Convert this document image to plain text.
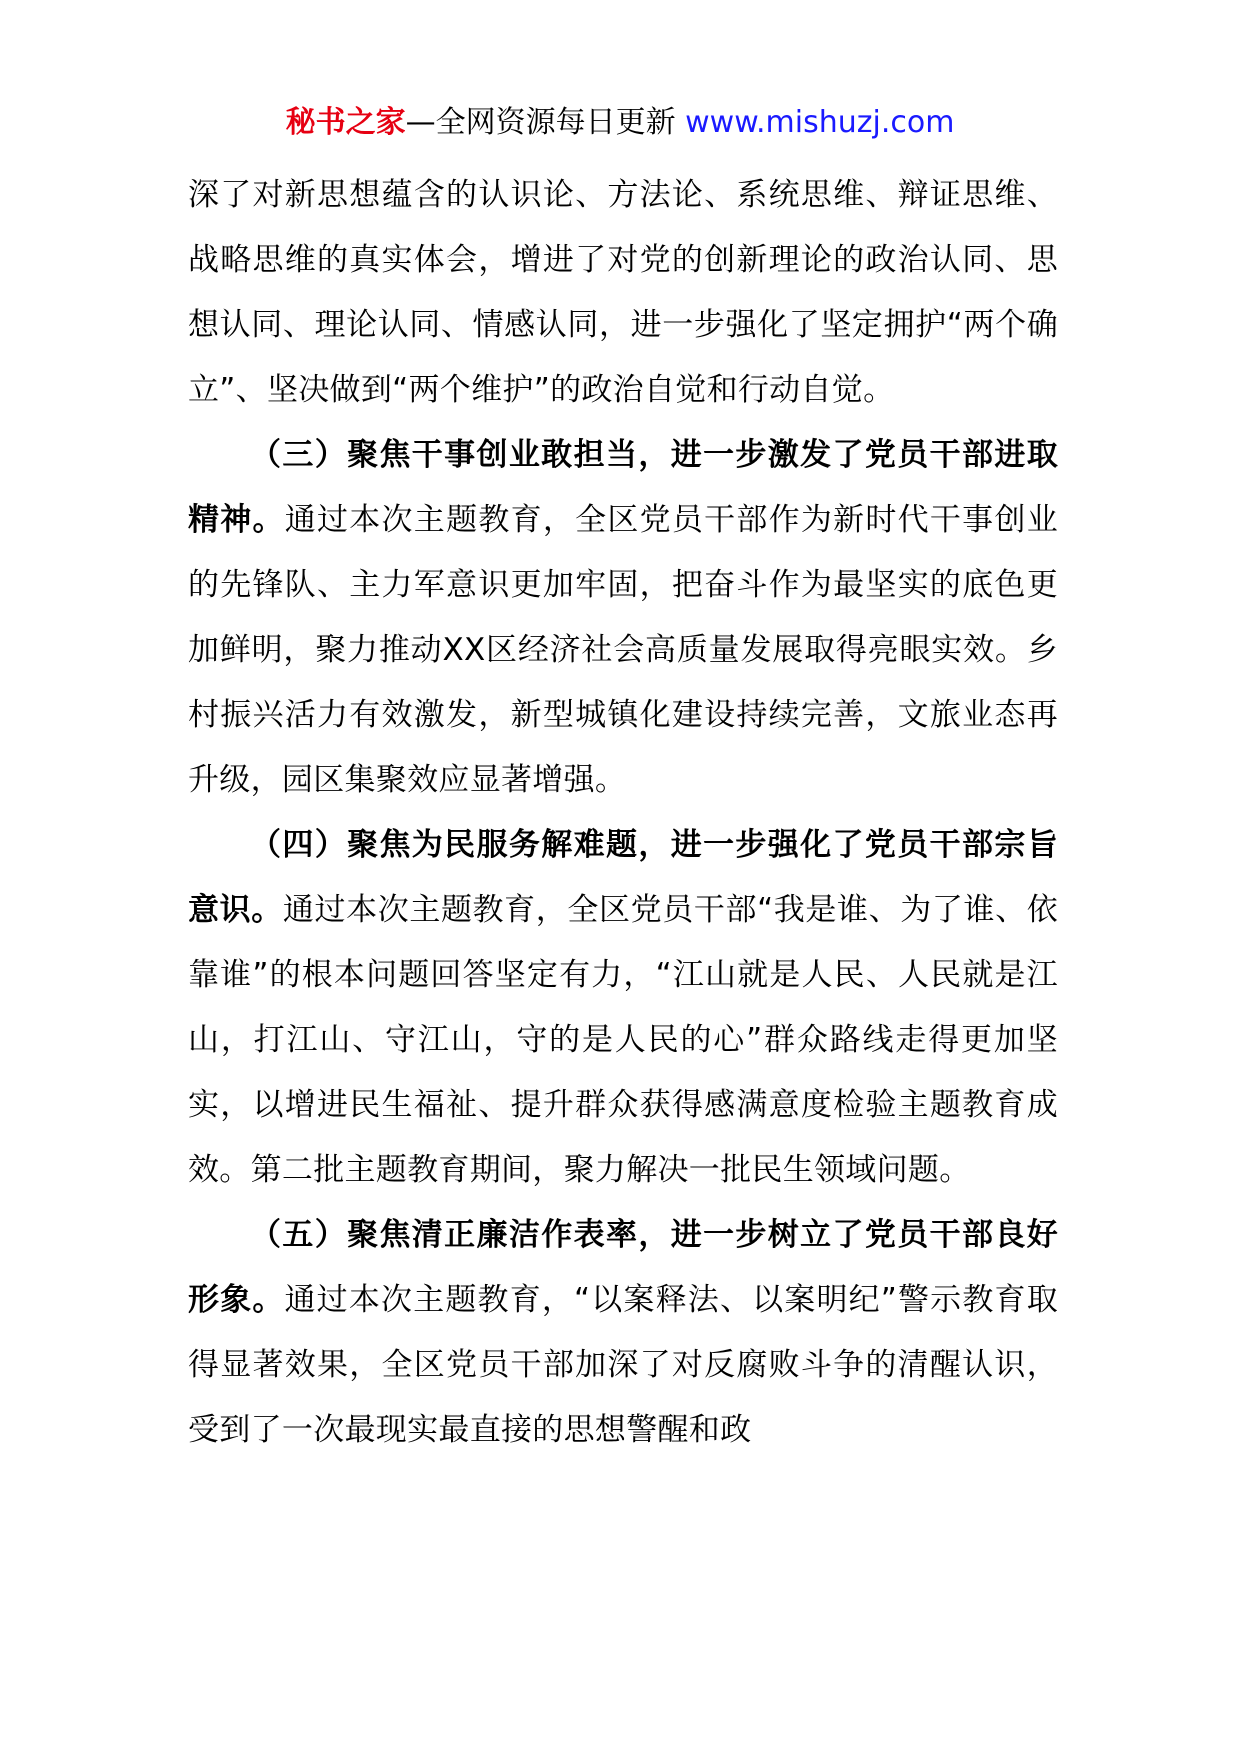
秘书之家—全网资源每日更新 www.mishuzj.com

深了对新思想蕴含的认识论、方法论、系统思维、辩证思维、战略思维的真实体会，增进了对党的创新理论的政治认同、思想认同、理论认同、情感认同，进一步强化了坚定拥护“两个确立”、坚决做到“两个维护”的政治自觉和行动自觉。

（三）聚焦干事创业敢担当，进一步激发了党员干部进取精神。通过本次主题教育，全区党员干部作为新时代干事创业的先锋队、主力军意识更加牢固，把奋斗作为最坚实的底色更加鲜明，聚力推动XX区经济社会高质量发展取得亮眼实效。乡村振兴活力有效激发，新型城镇化建设持续完善，文旅业态再升级，园区集聚效应显著增强。

（四）聚焦为民服务解难题，进一步强化了党员干部宗旨意识。通过本次主题教育，全区党员干部“我是谁、为了谁、依靠谁”的根本问题回答坚定有力，“江山就是人民、人民就是江山，打江山、守江山，守的是人民的心”群众路线走得更加坚实，以增进民生福祉、提升群众获得感满意度检验主题教育成效。第二批主题教育期间，聚力解决一批民生领域问题。

（五）聚焦清正廉洁作表率，进一步树立了党员干部良好形象。通过本次主题教育，“以案释法、以案明纪”警示教育取得显著效果，全区党员干部加深了对反腐败斗争的清醒认识，受到了一次最现实最直接的思想警醒和政
